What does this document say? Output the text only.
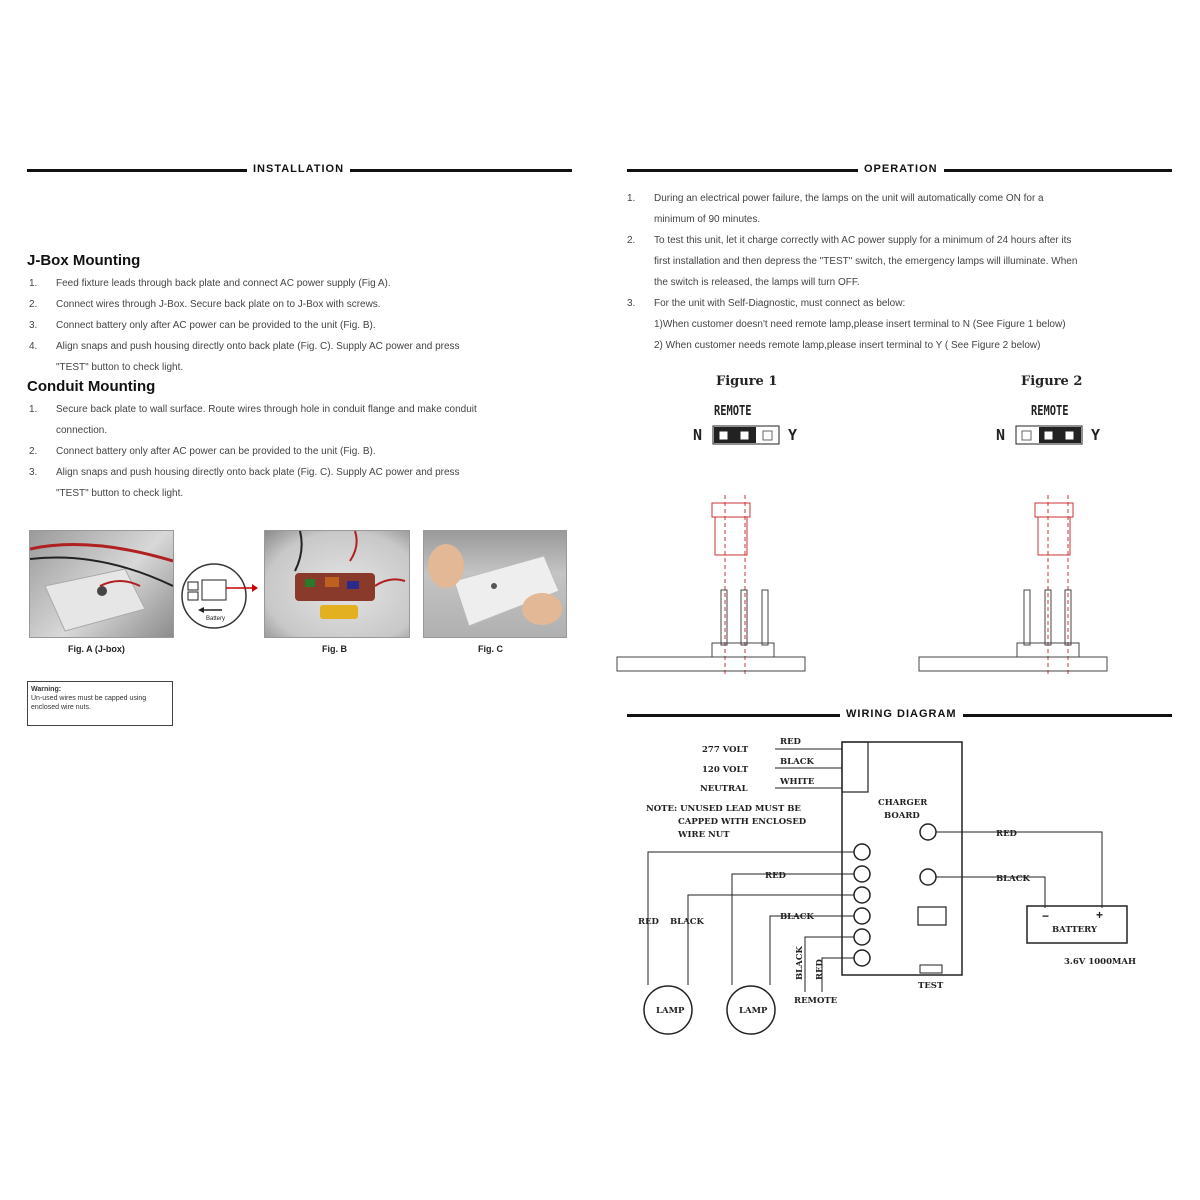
INSTALLATION
J-Box Mounting
1.	Feed fixture leads through back plate and connect AC power supply (Fig A).
2.	Connect wires through J-Box. Secure back plate on to J-Box with screws.
3.	Connect battery only after AC power can be provided to the unit (Fig. B).
4.	Align snaps and push housing directly onto back plate (Fig. C). Supply AC power and press
"TEST" button to check light.
Conduit Mounting
1.	Secure back plate to wall surface. Route wires through hole in conduit flange and make conduit
connection.
2.	Connect battery only after AC power can be provided to the unit (Fig. B).
3.	Align snaps and push housing directly onto back plate (Fig. C). Supply AC power and press
"TEST" button to check light.
Fig. A (J-box)
Battery
Fig. B	Fig. C
Warning:
Un-used wires must be capped using enclosed wire nuts.
OPERATION
1.	During an electrical power failure, the lamps on the unit will automatically come ON for a
minimum of 90 minutes.
2.	To test this unit, let it charge correctly with AC power supply for a minimum of 24 hours after its
first installation and then depress the "TEST" switch, the emergency lamps will illuminate. When
the switch is released, the lamps will turn OFF.
3.	For the unit with Self-Diagnostic, must connect as below:
1)When customer doesn't need remote lamp,please insert terminal to N (See Figure 1 below)
2) When customer needs remote lamp,please insert terminal to Y ( See Figure 2 below)
Figure 1
REMOTE
N	Y
Figure 2
REMOTE
N	Y
WIRING DIAGRAM
CHARGER
BOARD
277 VOLT
120 VOLT
NEUTRAL
RED
BLACK
WHITE
NOTE: UNUSED LEAD MUST BE
CAPPED WITH ENCLOSED
WIRE NUT
TEST
RED
BLACK
RED BLACK
LAMP	LAMP
BLACK RED
REMOTE
RED
BLACK
−	+
BATTERY
3.6V 1000MAH
